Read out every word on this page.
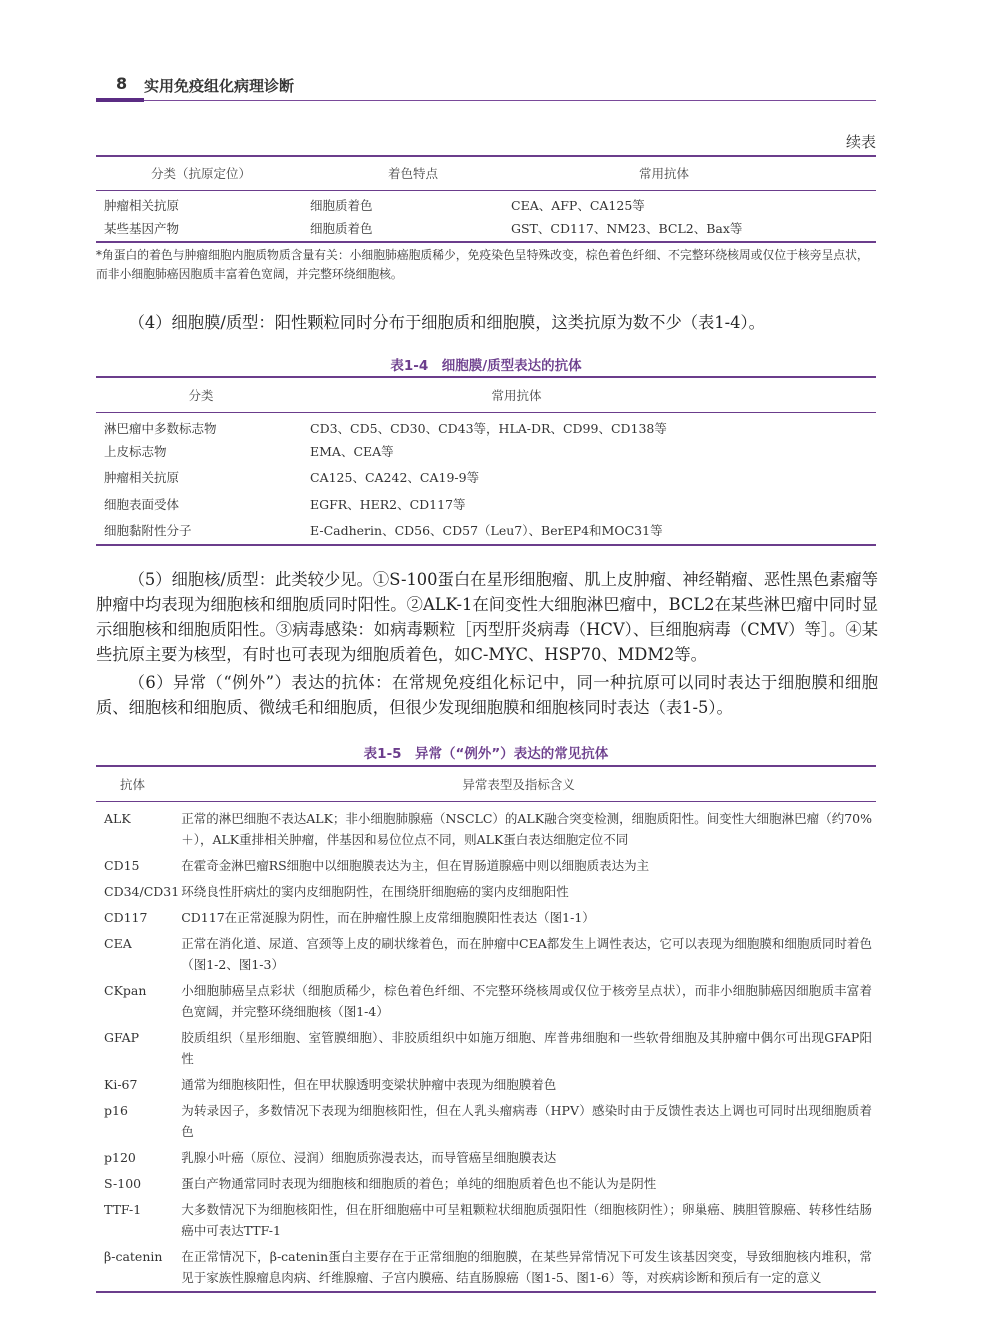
8 实用免疫组化病理诊断
续表
分类（抗原定位）	着色特点	常用抗体
肿瘤相关抗原	细胞质着色	CEA、AFP、CA125等
某些基因产物	细胞质着色	GST、CD117、NM23、BCL2、Bax等
*角蛋白的着色与肿瘤细胞内胞质物质含量有关：小细胞肺癌胞质稀少，免疫染色呈特殊改变，棕色着色纤细、不完整环绕核周或仅位于核旁呈点状，而非小细胞肺癌因胞质丰富着色宽阔，并完整环绕细胞核。

（4）细胞膜/质型：阳性颗粒同时分布于细胞质和细胞膜，这类抗原为数不少（表1-4）。

表1-4　细胞膜/质型表达的抗体
分类	常用抗体
淋巴瘤中多数标志物	CD3、CD5、CD30、CD43等，HLA-DR、CD99、CD138等
上皮标志物	EMA、CEA等
肿瘤相关抗原	CA125、CA242、CA19-9等
细胞表面受体	EGFR、HER2、CD117等
细胞黏附性分子	E-Cadherin、CD56、CD57（Leu7）、BerEP4和MOC31等

（5）细胞核/质型：此类较少见。①S-100蛋白在星形细胞瘤、肌上皮肿瘤、神经鞘瘤、恶性黑色素瘤等肿瘤中均表现为细胞核和细胞质同时阳性。②ALK-1在间变性大细胞淋巴瘤中，BCL2在某些淋巴瘤中同时显示细胞核和细胞质阳性。③病毒感染：如病毒颗粒［丙型肝炎病毒（HCV）、巨细胞病毒（CMV）等］。④某些抗原主要为核型，有时也可表现为细胞质着色，如C-MYC、HSP70、MDM2等。

（6）异常（“例外”）表达的抗体：在常规免疫组化标记中，同一种抗原可以同时表达于细胞膜和细胞质、细胞核和细胞质、微绒毛和细胞质，但很少发现细胞膜和细胞核同时表达（表1-5）。

表1-5　异常（“例外”）表达的常见抗体
抗体	异常表型及指标含义
ALK	正常的淋巴细胞不表达ALK；非小细胞肺腺癌（NSCLC）的ALK融合突变检测，细胞质阳性。间变性大细胞淋巴瘤（约70%＋），ALK重排相关肿瘤，伴基因和易位位点不同，则ALK蛋白表达细胞定位不同
CD15	在霍奇金淋巴瘤RS细胞中以细胞膜表达为主，但在胃肠道腺癌中则以细胞质表达为主
CD34/CD31	环绕良性肝病灶的窦内皮细胞阴性，在围绕肝细胞癌的窦内皮细胞阳性
CD117	CD117在正常涎腺为阴性，而在肿瘤性腺上皮常细胞膜阳性表达（图1-1）
CEA	正常在消化道、尿道、宫颈等上皮的刷状缘着色，而在肿瘤中CEA都发生上调性表达，它可以表现为细胞膜和细胞质同时着色（图1-2、图1-3）
CKpan	小细胞肺癌呈点彩状（细胞质稀少，棕色着色纤细、不完整环绕核周或仅位于核旁呈点状），而非小细胞肺癌因细胞质丰富着色宽阔，并完整环绕细胞核（图1-4）
GFAP	胶质组织（星形细胞、室管膜细胞）、非胶质组织中如施万细胞、库普弗细胞和一些软骨细胞及其肿瘤中偶尔可出现GFAP阳性
Ki-67	通常为细胞核阳性，但在甲状腺透明变梁状肿瘤中表现为细胞膜着色
p16	为转录因子，多数情况下表现为细胞核阳性，但在人乳头瘤病毒（HPV）感染时由于反馈性表达上调也可同时出现细胞质着色
p120	乳腺小叶癌（原位、浸润）细胞质弥漫表达，而导管癌呈细胞膜表达
S-100	蛋白产物通常同时表现为细胞核和细胞质的着色；单纯的细胞质着色也不能认为是阴性
TTF-1	大多数情况下为细胞核阳性，但在肝细胞癌中可呈粗颗粒状细胞质强阳性（细胞核阴性）；卵巢癌、胰胆管腺癌、转移性结肠癌中可表达TTF-1
β-catenin	在正常情况下，β-catenin蛋白主要存在于正常细胞的细胞膜，在某些异常情况下可发生该基因突变，导致细胞核内堆积，常见于家族性腺瘤息肉病、纤维腺瘤、子宫内膜癌、结直肠腺癌（图1-5、图1-6）等，对疾病诊断和预后有一定的意义
